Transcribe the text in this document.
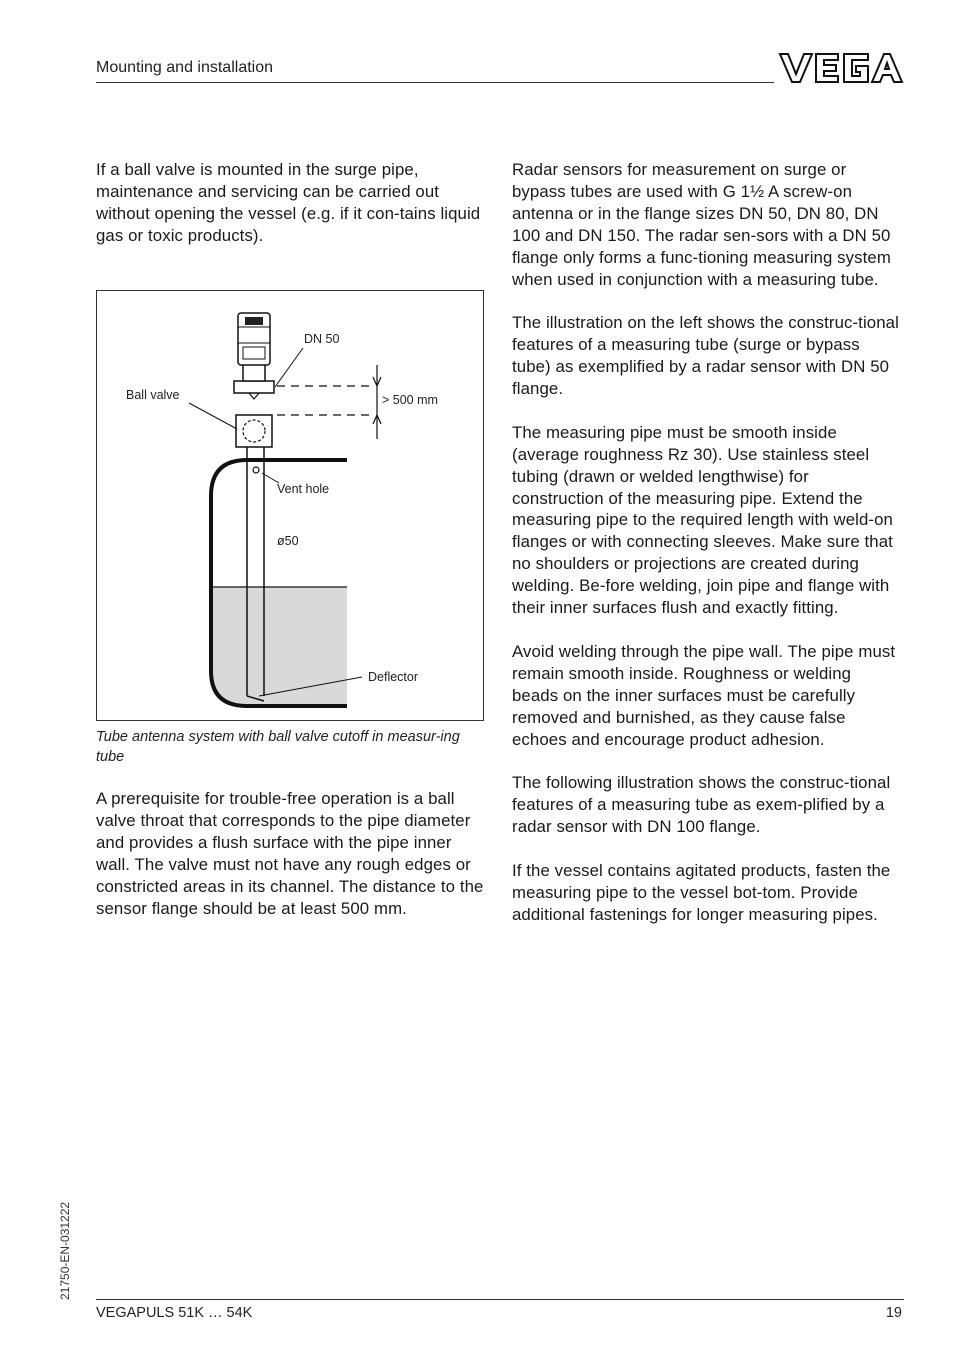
Mounting and installation

If a ball valve is mounted in the surge pipe, maintenance and servicing can be carried out without opening the vessel (e.g. if it con-tains liquid gas or toxic products).

DN 50
Ball valve	> 500 mm
Vent hole
ø50
Deflector
Tube antenna system with ball valve cutoff in measur-ing tube

A prerequisite for trouble-free operation is a ball valve throat that corresponds to the pipe diameter and provides a flush surface with the pipe inner wall. The valve must not have any rough edges or constricted areas in its channel. The distance to the sensor flange should be at least 500 mm.

Radar sensors for measurement on surge or bypass tubes are used with G 1½ A screw-on antenna or in the flange sizes DN 50, DN 80, DN 100 and DN 150. The radar sen-sors with a DN 50 flange only forms a func-tioning measuring system when used in conjunction with a measuring tube.

The illustration on the left shows the construc-tional features of a measuring tube (surge or bypass tube) as exemplified by a radar sensor with DN 50 flange.

The measuring pipe must be smooth inside (average roughness Rz 30). Use stainless steel tubing (drawn or welded lengthwise) for construction of the measuring pipe. Extend the measuring pipe to the required length with weld-on flanges or with connecting sleeves. Make sure that no shoulders or projections are created during welding. Be-fore welding, join pipe and flange with their inner surfaces flush and exactly fitting.

Avoid welding through the pipe wall. The pipe must remain smooth inside. Roughness or welding beads on the inner surfaces must be carefully removed and burnished, as they cause false echoes and encourage product adhesion.

The following illustration shows the construc-tional features of a measuring tube as exem-plified by a radar sensor with DN 100 flange.

If the vessel contains agitated products, fasten the measuring pipe to the vessel bot-tom. Provide additional fastenings for longer measuring pipes.

21750-EN-031222
VEGAPULS 51K … 54K	19
